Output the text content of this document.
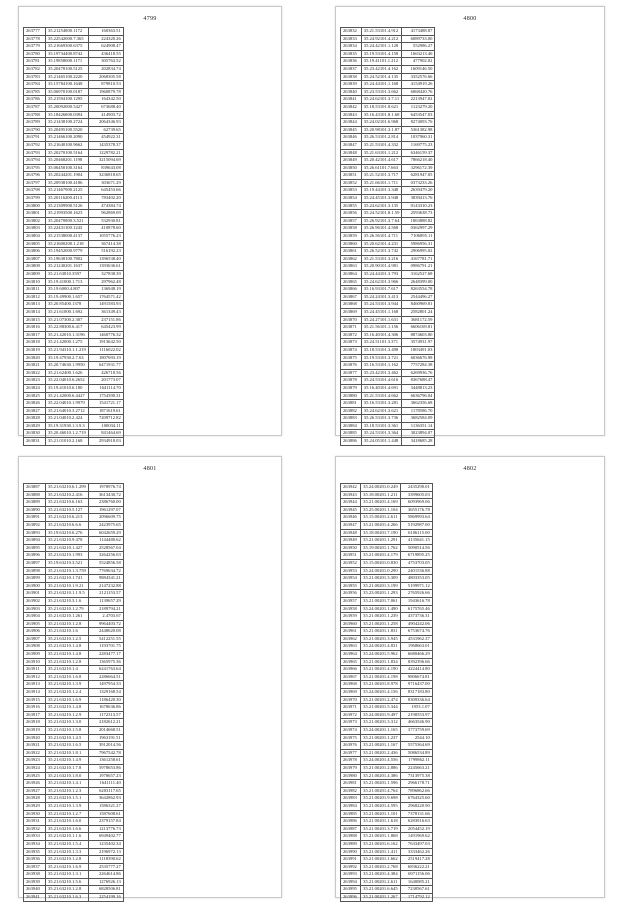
4799
263777	35.21254800.1172	160363.51
263778	35.22542000.7.365	224320.26
263779	35.21669300.6375	624908.47
263780	35.19734400.8742	436418.55
263781	35.19858000.1171	305763.52
263782	35.20478100.5125	202834.74
263783	35.21465100.2220	2068305.58
263784	35.15784100.1648	879810.53
263785	35.06970100.0187	1960879.78
263786	35.21594100.1295	164342.50
263787	35.20092000.5427	673688.40
263788	35.18426800.0394	414903.72
263789	35.21438100.2724	2064346.93
263790	35.20495100.5520	62739.65
263791	35.21466100.2090	454922.31
263792	35.21640100.9662	1435378.37
263793	35.20270100.5164	1229782.21
263794	35.20468201.1198	3215094.69
263795	35.06450100.3164	839643.08
263796	35.20244201.1904	3236818.65
263797	35.20938100.4186	303671.29
263798	35.21467900.2125	645453.66
263799	35.20116200.4113	783402.20
263800	35.21309900.5126	474384.74
263801	35.21993500.1623	962869.09
263802	35.20470800.3.521	532930.81
263803	35.22431100.1243	410878.60
263804	35.21538000.4137	1055776.23
263805	35.21600200.1.218	367414.38
263806	35.19452000.9779	516192.23
263807	35.19638100.7802	1396538.40
263808	35.21240201.1637	1393636.61
263809	35.21.63810.3597	327838.39
263810	35.19.41000.1.713	297962.48
263811	35.19.6000.4.807	136948.19
263812	35.19.49900.1.657	1764571.42
263813	35.20.85400.1378	1491583.93
263814	35.21.61000.1.692	361349.43
263815	35.21.07300.2.307	237151.86
263816	35.22.88300.6.417	645423.99
263817	35.21.42010.1.3196	1460776.32
263818	35.21.42000.1.275	1913642.50
263819	35.21.94310.1.1.219	1116022.02
263820	35.19.47930.2.7.63	1807693.19
263821	35.20.74630.1.9950	6471931.77
263822	35.21.62400.1.626	426718.56
263823	35.22.04010.6.2652	201773.07
263824	35.19.41010.6.180	1641114.70
263825	35.21.42000.6.4427	1754390.31
263826	35.22.04010.1.9979	1541721.17
263827	35.21.64010.3.2712	1871619.61
263828	35.21.04010.2.424	7209712.82
263829	35.19.31930.1.3.9.3	100034.11
263830	35.20.46010.1.2.719	841464.69
263831	35.21.01010.2.168	2934918.03
4800
263832	35.21.53101.4.912	4173488.87
263833	35.24.92101.4.212	6089733.00
263834	35.24.42101.1.128	552986.27
263835	35.19.53101.4.158	1663213.46
263836	35.19.41101.1.212	477902.02
263837	35.23.42101.4.162	1609146.50
263838	35.24.52101.4.135	3352576.66
263839	35.24.44101.1.168	4154919.26
263840	35.23.53101.3.662	6068420.76
263841	35.24.62101.3.7.11	2213947.02
263842	35.18.53101.8.621	1123279.20
263843	35.16.43101.8.1.68	6453547.03
263844	35.24.02101.6.968	8274093.76
263845	35.20.98101.3.1.87	5361382.98
263846	35.26.53101.2.814	1037960.31
263847	35.21.53101.4.332	1169775.23
263848	35.21.63101.1.212	6346159.37
263849	35.20.42101.4.617	7866218.40
263850	35.26.61101.7.663	3296172.39
263851	35.21.52101.3.717	6281947.05
263852	35.21.66101.1.711	0373233.26
263853	35.19.44101.3.348	2639479.20
263854	35.24.45101.3.948	3839413.76
263855	35.24.62101.3.135	0143310.23
263856	35.24.52101.8.1.59	2593638.73
263857	35.26.92101.3.7.64	1863888.82
263858	35.26.96101.4.568	0362997.29
263859	35.26.56101.4.711	7106895.11
263860	35.20.62101.4.231	5986956.31
263861	35.26.52101.3.742	2906995.02
263862	35.21.53101.3.216	4167781.71
263863	35.20.90101.4.981	0986791.21
263864	35.24.44101.3.793	3162527.68
263865	35.24.62101.3.966	2648399.00
263866	35.16.93101.7.617	8263554.78
263867	35.24.24101.3.413	2544496.27
263868	35.24.53101.3.944	8460969.81
263869	35.24.45101.1.168	2582801.24
263870	35.24.27101.1.631	3681172.59
263871	35.21.56101.1.156	6606169.81
263872	35.16.40101.4.306	8874603.80
263873	35.24.51101.3.371	3574931.97
263874	35.18.53101.3.498	1803491.03
263875	35.19.53101.3.721	6036676.98
263876	35.16.53101.1.162	7757284.38
263877	35.23.42101.3.462	6269936.76
263878	35.24.53101.4.616	8367688.47
263879	35.16.40101.4.691	3448813.23
263880	35.21.53101.4.662	6636796.04
263881	35.16.53101.3.281	3662356.68
263882	35.24.62101.3.621	1178586.70
263883	35.26.53101.3.736	3682584.09
263884	35.18.53101.3.361	1136351.14
263885	35.24.53101.3.364	3023894.07
263886	35.24.05101.1.448	3418685.28
4801
263887	35.21.63210.6.1.299	1978976.74
263888	35.21.63210.2.416	3613430.72
263889	35.21.63210.6.163	2386760.00
263890	35.21.63210.5.127	1961297.07
263891	35.21.63210.6.213	2096609.75
263892	35.21.63210.6.6.6	2423975.65
263893	35.19.63210.6.276	6042659.29
263894	35.21.63210.9.478	1144480.62
263895	35.21.63210.1.427	2528567.04
263896	35.21.63210.1.993	3264256.03
263897	35.19.63210.3.521	5524856.58
263898	35.21.63210.1.3.759	7769634.72
263899	35.21.63210.1.741	9884341.21
263900	35.21.63210.1.9.21	2147232.88
263901	35.21.63210.1.1.9.5	2121153.57
263902	35.21.63210.3.1.6	1139657.29
263903	35.21.63210.1.2.79	2189794.21
263904	35.21.63210.1.261	2.4703.67
263905	35.21.63210.1.2.8	9964403.72
263906	35.21.63210.1.6	2448620.08
263907	35.21.63210.1.2.5	5412251.55
263908	35.21.63210.1.4.8	1193701.75
263909	35.21.63210.1.4.8	2283477.17
263910	35.21.63210.1.2.8	1365975.36
263911	35.21.63210.1.4	6241763.64
263912	35.21.63210.1.6.8	2286664.51
263913	35.21.63210.1.3.9	1497954.33
263914	35.21.63210.1.2.4	1329168.54
263915	35.21.63210.1.6.9	1186420.30
263916	35.21.63210.1.4.8	1678636.86
263917	35.21.63210.1.2.9	1172313.57
263918	35.21.63210.1.3.0	2182612.21
263919	35.21.63210.1.5.8	2014668.51
263920	35.21.63210.1.4.5	1963191.51
263921	35.21.63210.1.6.5	3912014.56
263922	35.21.63210.1.8.1	7967542.78
263923	35.21.63210.1.4.9	1361258.61
263924	35.21.63210.1.7.8	5978653.86
263925	35.21.63210.1.8.0	1978657.23
263926	35.21.63210.1.4.1	1641111.40
263927	35.21.63210.1.2.3	6203117.65
263928	35.21.63210.1.5.1	3642862.93
263929	35.21.63210.1.3.9	1586321.27
263930	35.21.63210.1.2.7	1587608.61
263931	35.21.63210.1.6.0	2379157.84
263932	35.21.63210.1.6.6	1213776.73
263933	35.21.63210.1.1.6	6949402.77
263934	35.21.63210.1.5.4	1235402.34
263935	35.21.63210.1.3.3	2196972.13
263936	35.21.63210.1.2.8	1118390.62
263937	35.21.63210.1.6.9	2535777.27
263938	35.21.63210.1.3.1	2264614.86
263939	35.21.63210.1.5.6	1276926.13
263940	35.21.63210.1.2.8	6828506.81
263941	35.21.63210.1.6.3	2254199.16
4802
263942	35.24.00201.0.249	2435290.01
263943	35.18.00201.1.211	3399605.03
263944	35.21.00201.4.169	6093969.06
263945	35.25.00201.1.104	3655176.78
263946	35.15.00201.2.611	5869993.64
263947	35.21.00201.4.266	5192987.00
263948	35.18.00201.7.190	6106115.00
263949	35.21.00201.1.291	4135641.15
263950	35.19.00201.1.762	5090514.56
263951	35.21.00201.4.179	6719895.25
263952	35.15.00201.0.830	4753703.05
263953	35.24.00201.0.290	2401536.88
263954	35.21.00201.3.309	4803353.05
263955	35.21.00201.3.199	5199971.12
263956	35.23.00201.1.293	2765926.66
263957	35.21.00201.7.061	1943616.78
263958	35.24.00201.1.490	6175765.46
263959	35.21.00201.1.239	4373736.31
263960	35.21.00201.1.258	4904242.06
263961	35.21.00201.1.831	6753674.76
263962	35.21.00201.3.945	4531962.37
263963	35.24.00201.4.831	1968663.01
263964	35.24.00201.5.962	6680466.29
263965	35.21.00201.1.834	8392396.66
263966	35.21.00201.4.190	4224414.80
263967	35.21.00201.4.198	9806674.81
263968	35.21.00201.8.978	9716437.00
263969	35.24.00201.4.156	8317183.80
263970	35.21.00201.2.474	8309336.64
263971	35.21.00201.5.344	1953.1.07
263972	35.24.00201.9.497	2190553.97
263973	35.21.00201.3.312	4663546.90
263974	35.24.00201.1.165	3773759.69
263975	35.21.00201.1.237	2544.10
263976	35.21.00201.1.167	5575364.69
263977	35.21.00201.2.436	5086534.89
263978	35.24.00201.4.556	1799862.11
263979	35.21.00201.2.886	2245663.21
263980	35.21.00201.4.386	7313975.38
263981	35.21.00201.1.596	2966178.71
263982	35.21.00201.4.764	7896862.66
263983	35.21.00201.9.698	6764325.60
263984	35.21.00201.4.595	2968220.90
263985	35.21.00201.1.101	7378131.66
263986	35.21.00201.1.618	6283916.63
263987	35.21.00201.3.719	2054452.19
263988	35.21.00201.1.868	1491969.62
263989	35.21.00201.6.162	7633497.03
263990	35.21.00201.1.411	3333462.26
263991	35.21.00201.1.662	2519417.28
263992	35.21.00201.2.768	6836222.21
263993	35.21.00201.4.384	6971156.06
263994	35.21.00201.2.611	1640085.21
263995	35.21.00201.6.645	7230567.61
263996	35.21.00201.1.267	1714792.12
